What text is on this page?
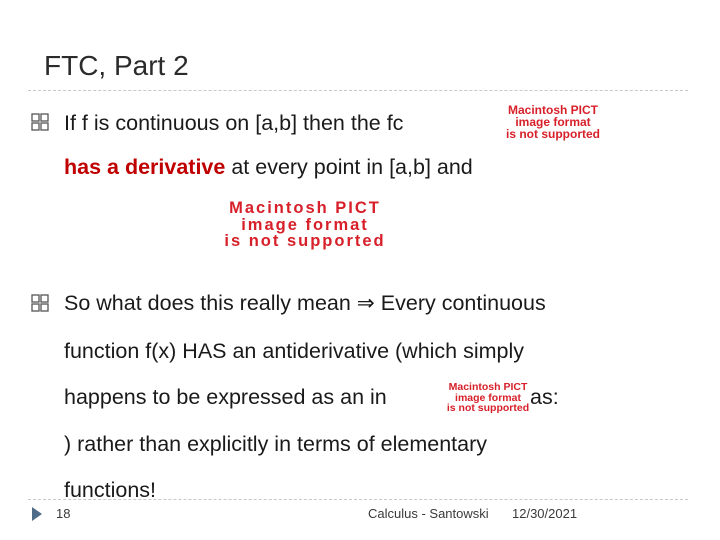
FTC, Part 2
If f is continuous on [a,b] then the fc
Macintosh PICT
image format
is not supported
has a derivative at every point in [a,b] and
Macintosh PICT
image format
is not supported
So what does this really mean ⇒ Every continuous
function f(x) HAS an antiderivative (which simply
happens to be expressed as an in	Macintosh PICT
image format
is not supported as:
) rather than explicitly in terms of elementary
functions!
18	Calculus - Santowski 12/30/2021
